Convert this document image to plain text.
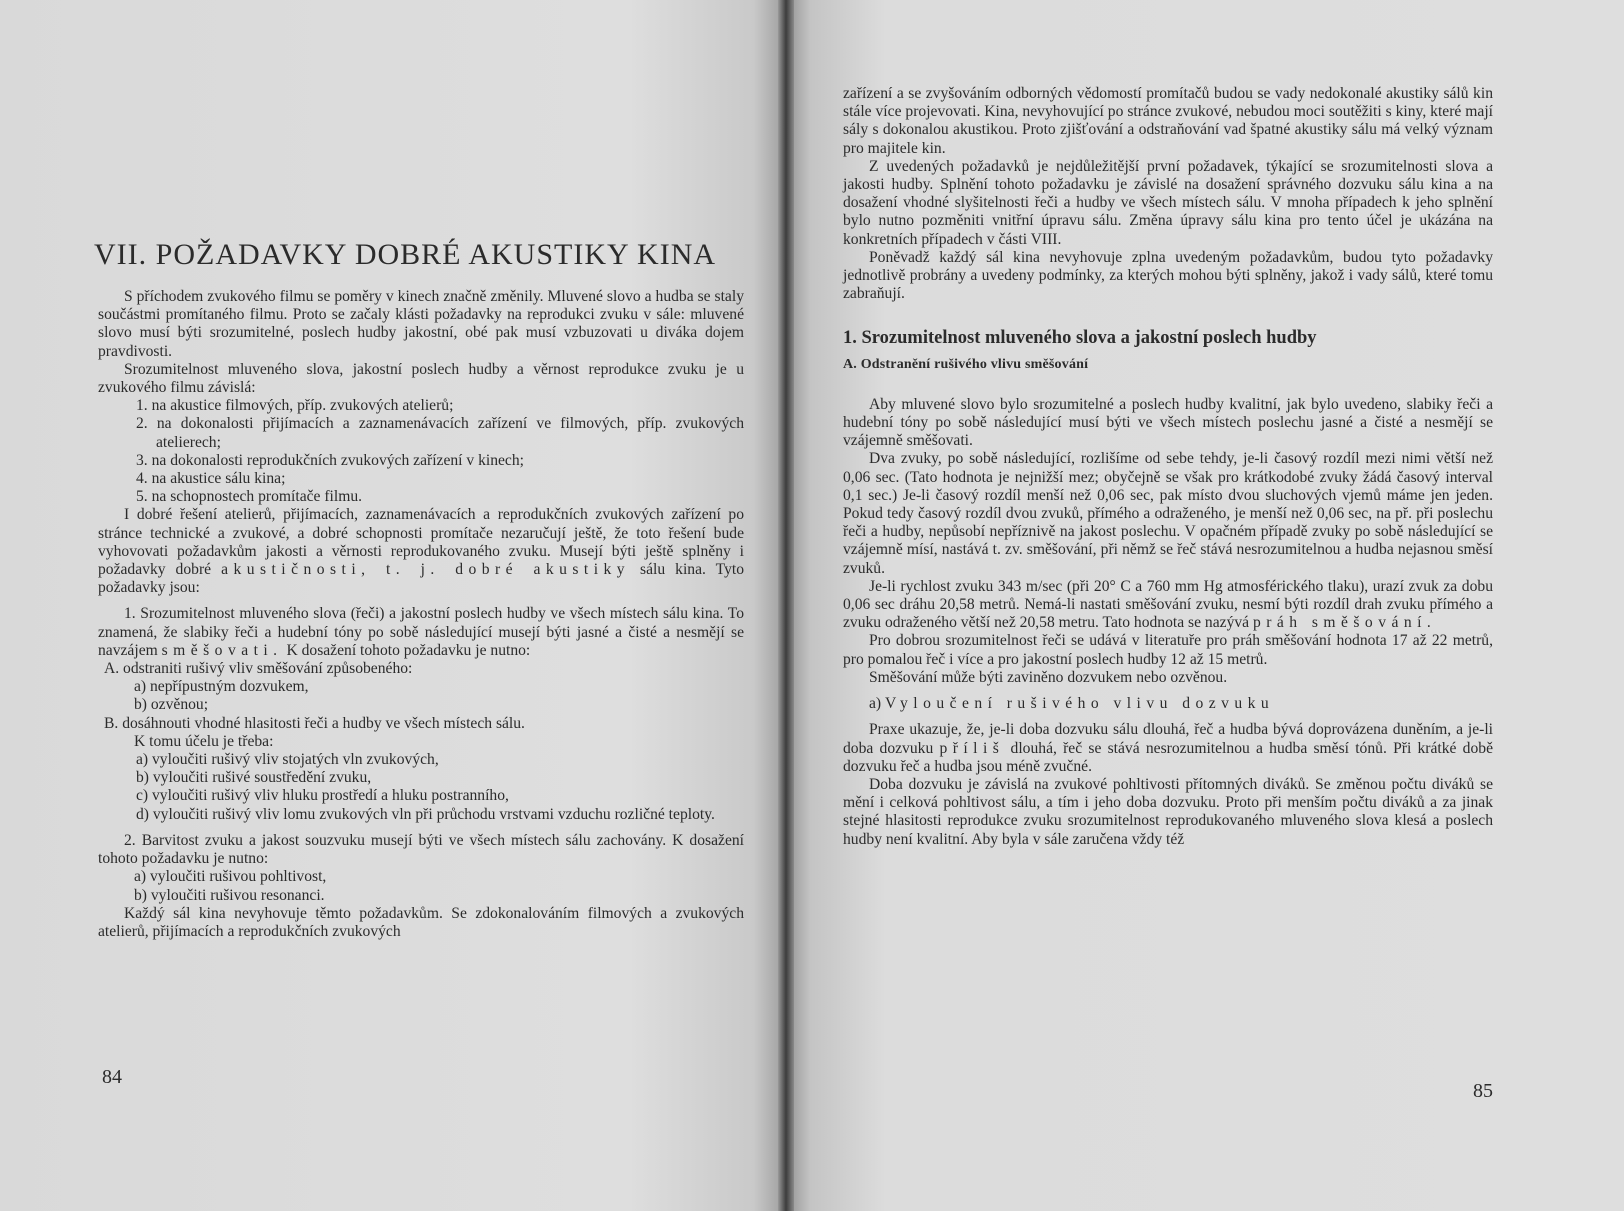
VII. POŽADAVKY DOBRÉ AKUSTIKY KINA

S příchodem zvukového filmu se poměry v kinech značně změnily. Mluvené slovo a hudba se staly součástmi promítaného filmu. Proto se začaly klásti požadavky na reprodukci zvuku v sále: mluvené slovo musí býti srozumitelné, poslech hudby jakostní, obé pak musí vzbuzovati u diváka dojem pravdivosti.

Srozumitelnost mluveného slova, jakostní poslech hudby a věrnost reprodukce zvuku je u zvukového filmu závislá:

1. na akustice filmových, příp. zvukových atelierů;

2. na dokonalosti přijímacích a zaznamenávacích zařízení ve filmových, příp. zvukových atelierech;

3. na dokonalosti reprodukčních zvukových zařízení v kinech;

4. na akustice sálu kina;

5. na schopnostech promítače filmu.

I dobré řešení atelierů, přijímacích, zaznamenávacích a reprodukčních zvukových zařízení po stránce technické a zvukové, a dobré schopnosti promítače nezaručují ještě, že toto řešení bude vyhovovati požadavkům jakosti a věrnosti reprodukovaného zvuku. Musejí býti ještě splněny i požadavky dobré akustičnosti, t. j. dobré akustiky sálu kina. Tyto požadavky jsou:

1. Srozumitelnost mluveného slova (řeči) a jakostní poslech hudby ve všech místech sálu kina. To znamená, že slabiky řeči a hudební tóny po sobě následující musejí býti jasné a čisté a nesmějí se navzájem směšovati. K dosažení tohoto požadavku je nutno:

A. odstraniti rušivý vliv směšování způsobeného:

a) nepřípustným dozvukem,

b) ozvěnou;

B. dosáhnouti vhodné hlasitosti řeči a hudby ve všech místech sálu.

K tomu účelu je třeba:

a) vyloučiti rušivý vliv stojatých vln zvukových,

b) vyloučiti rušivé soustředění zvuku,

c) vyloučiti rušivý vliv hluku prostředí a hluku postranního,

d) vyloučiti rušivý vliv lomu zvukových vln při průchodu vrstvami vzduchu rozličné teploty.

2. Barvitost zvuku a jakost souzvuku musejí býti ve všech místech sálu zachovány. K dosažení tohoto požadavku je nutno:

a) vyloučiti rušivou pohltivost,

b) vyloučiti rušivou resonanci.

Každý sál kina nevyhovuje těmto požadavkům. Se zdokonalováním filmových a zvukových atelierů, přijímacích a reprodukčních zvukových

84

zařízení a se zvyšováním odborných vědomostí promítačů budou se vady nedokonalé akustiky sálů kin stále více projevovati. Kina, nevyhovující po stránce zvukové, nebudou moci soutěžiti s kiny, které mají sály s dokonalou akustikou. Proto zjišťování a odstraňování vad špatné akustiky sálu má velký význam pro majitele kin.

Z uvedených požadavků je nejdůležitější první požadavek, týkající se srozumitelnosti slova a jakosti hudby. Splnění tohoto požadavku je závislé na dosažení správného dozvuku sálu kina a na dosažení vhodné slyšitelnosti řeči a hudby ve všech místech sálu. V mnoha případech k jeho splnění bylo nutno pozměniti vnitřní úpravu sálu. Změna úpravy sálu kina pro tento účel je ukázána na konkretních případech v části VIII.

Poněvadž každý sál kina nevyhovuje zplna uvedeným požadavkům, budou tyto požadavky jednotlivě probrány a uvedeny podmínky, za kterých mohou býti splněny, jakož i vady sálů, které tomu zabraňují.

1. Srozumitelnost mluveného slova a jakostní poslech hudby
A. Odstranění rušivého vlivu směšování

Aby mluvené slovo bylo srozumitelné a poslech hudby kvalitní, jak bylo uvedeno, slabiky řeči a hudební tóny po sobě následující musí býti ve všech místech poslechu jasné a čisté a nesmějí se vzájemně směšovati.

Dva zvuky, po sobě následující, rozlišíme od sebe tehdy, je-li časový rozdíl mezi nimi větší než 0,06 sec. (Tato hodnota je nejnižší mez; obyčejně se však pro krátkodobé zvuky žádá časový interval 0,1 sec.) Je-li časový rozdíl menší než 0,06 sec, pak místo dvou sluchových vjemů máme jen jeden. Pokud tedy časový rozdíl dvou zvuků, přímého a odraženého, je menší než 0,06 sec, na př. při poslechu řeči a hudby, nepůsobí nepříznivě na jakost poslechu. V opačném případě zvuky po sobě následující se vzájemně mísí, nastává t. zv. směšování, při němž se řeč stává nesrozumitelnou a hudba nejasnou směsí zvuků.

Je-li rychlost zvuku 343 m/sec (při 20° C a 760 mm Hg atmosférického tlaku), urazí zvuk za dobu 0,06 sec dráhu 20,58 metrů. Nemá-li nastati směšování zvuku, nesmí býti rozdíl drah zvuku přímého a zvuku odraženého větší než 20,58 metru. Tato hodnota se nazývá práh směšování.

Pro dobrou srozumitelnost řeči se udává v literatuře pro práh směšování hodnota 17 až 22 metrů, pro pomalou řeč i více a pro jakostní poslech hudby 12 až 15 metrů.

Směšování může býti zaviněno dozvukem nebo ozvěnou.

a) Vyloučení rušivého vlivu dozvuku

Praxe ukazuje, že, je-li doba dozvuku sálu dlouhá, řeč a hudba bývá doprovázena duněním, a je-li doba dozvuku příliš dlouhá, řeč se stává nesrozumitelnou a hudba směsí tónů. Při krátké době dozvuku řeč a hudba jsou méně zvučné.

Doba dozvuku je závislá na zvukové pohltivosti přítomných diváků. Se změnou počtu diváků se mění i celková pohltivost sálu, a tím i jeho doba dozvuku. Proto při menším počtu diváků a za jinak stejné hlasitosti reprodukce zvuku srozumitelnost reprodukovaného mluveného slova klesá a poslech hudby není kvalitní. Aby byla v sále zaručena vždy též

85
